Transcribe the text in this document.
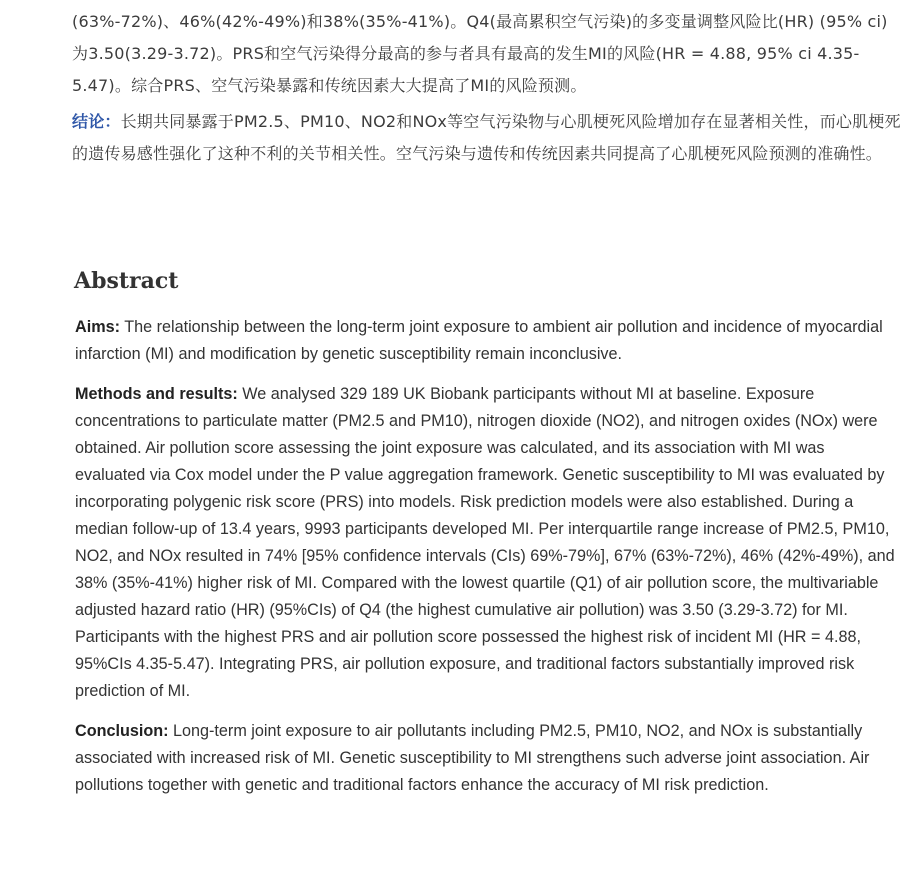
(63%-72%)、46%(42%-49%)和38%(35%-41%)。Q4(最高累积空气污染)的多变量调整风险比(HR) (95% ci)为3.50(3.29-3.72)。PRS和空气污染得分最高的参与者具有最高的发生MI的风险(HR = 4.88, 95% ci 4.35-5.47)。综合PRS、空气污染暴露和传统因素大大提高了MI的风险预测。

结论：长期共同暴露于PM2.5、PM10、NO2和NOx等空气污染物与心肌梗死风险增加存在显著相关性，而心肌梗死的遗传易感性强化了这种不利的关节相关性。空气污染与遗传和传统因素共同提高了心肌梗死风险预测的准确性。

Abstract

Aims: The relationship between the long-term joint exposure to ambient air pollution and incidence of myocardial infarction (MI) and modification by genetic susceptibility remain inconclusive.

Methods and results: We analysed 329 189 UK Biobank participants without MI at baseline. Exposure concentrations to particulate matter (PM2.5 and PM10), nitrogen dioxide (NO2), and nitrogen oxides (NOx) were obtained. Air pollution score assessing the joint exposure was calculated, and its association with MI was evaluated via Cox model under the P value aggregation framework. Genetic susceptibility to MI was evaluated by incorporating polygenic risk score (PRS) into models. Risk prediction models were also established. During a median follow-up of 13.4 years, 9993 participants developed MI. Per interquartile range increase of PM2.5, PM10, NO2, and NOx resulted in 74% [95% confidence intervals (CIs) 69%-79%], 67% (63%-72%), 46% (42%-49%), and 38% (35%-41%) higher risk of MI. Compared with the lowest quartile (Q1) of air pollution score, the multivariable adjusted hazard ratio (HR) (95%CIs) of Q4 (the highest cumulative air pollution) was 3.50 (3.29-3.72) for MI. Participants with the highest PRS and air pollution score possessed the highest risk of incident MI (HR = 4.88, 95%CIs 4.35-5.47). Integrating PRS, air pollution exposure, and traditional factors substantially improved risk prediction of MI.

Conclusion: Long-term joint exposure to air pollutants including PM2.5, PM10, NO2, and NOx is substantially associated with increased risk of MI. Genetic susceptibility to MI strengthens such adverse joint association. Air pollutions together with genetic and traditional factors enhance the accuracy of MI risk prediction.
